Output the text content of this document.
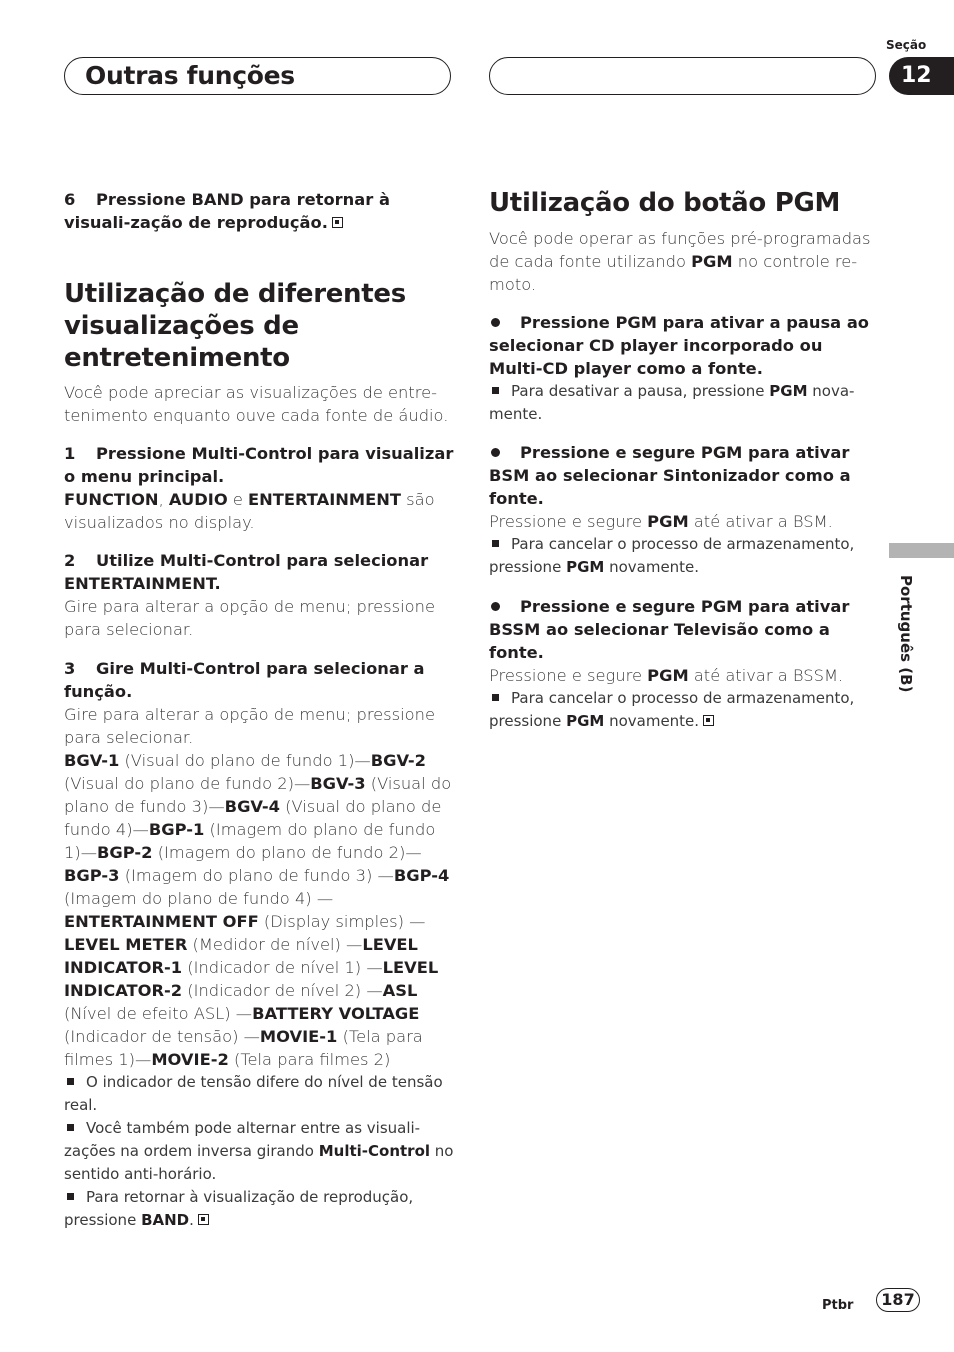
Outras funções
Seção
12
Português (B)

6 Pressione BAND para retornar à visuali-zação de reprodução.

Utilização de diferentes visualizações de entretenimento

Você pode apreciar as visualizações de entre-tenimento enquanto ouve cada fonte de áudio.

1 Pressione Multi-Control para visualizar o menu principal.

FUNCTION, AUDIO e ENTERTAINMENT são visualizados no display.

2 Utilize Multi-Control para selecionar ENTERTAINMENT.

Gire para alterar a opção de menu; pressione para selecionar.

3 Gire Multi-Control para selecionar a função.

Gire para alterar a opção de menu; pressione para selecionar.

BGV-1 (Visual do plano de fundo 1)—BGV-2 (Visual do plano de fundo 2)—BGV-3 (Visual do plano de fundo 3)—BGV-4 (Visual do plano de fundo 4)—BGP-1 (Imagem do plano de fundo 1)—BGP-2 (Imagem do plano de fundo 2)—BGP-3 (Imagem do plano de fundo 3) —BGP-4 (Imagem do plano de fundo 4) —ENTERTAINMENT OFF (Display simples) —LEVEL METER (Medidor de nível) —LEVEL INDICATOR-1 (Indicador de nível 1) —LEVEL INDICATOR-2 (Indicador de nível 2) —ASL (Nível de efeito ASL) —BATTERY VOLTAGE (Indicador de tensão) —MOVIE-1 (Tela para filmes 1)—MOVIE-2 (Tela para filmes 2)

O indicador de tensão difere do nível de tensão real.

Você também pode alternar entre as visuali-zações na ordem inversa girando Multi-Control no sentido anti-horário.

Para retornar à visualização de reprodução, pressione BAND.

Utilização do botão PGM

Você pode operar as funções pré-programadas de cada fonte utilizando PGM no controle re-moto.

Pressione PGM para ativar a pausa ao selecionar CD player incorporado ou Multi-CD player como a fonte.

Para desativar a pausa, pressione PGM nova-mente.

Pressione e segure PGM para ativar BSM ao selecionar Sintonizador como a fonte.

Pressione e segure PGM até ativar a BSM.

Para cancelar o processo de armazenamento, pressione PGM novamente.

Pressione e segure PGM para ativar BSSM ao selecionar Televisão como a fonte.

Pressione e segure PGM até ativar a BSSM.

Para cancelar o processo de armazenamento, pressione PGM novamente.

Ptbr	187
